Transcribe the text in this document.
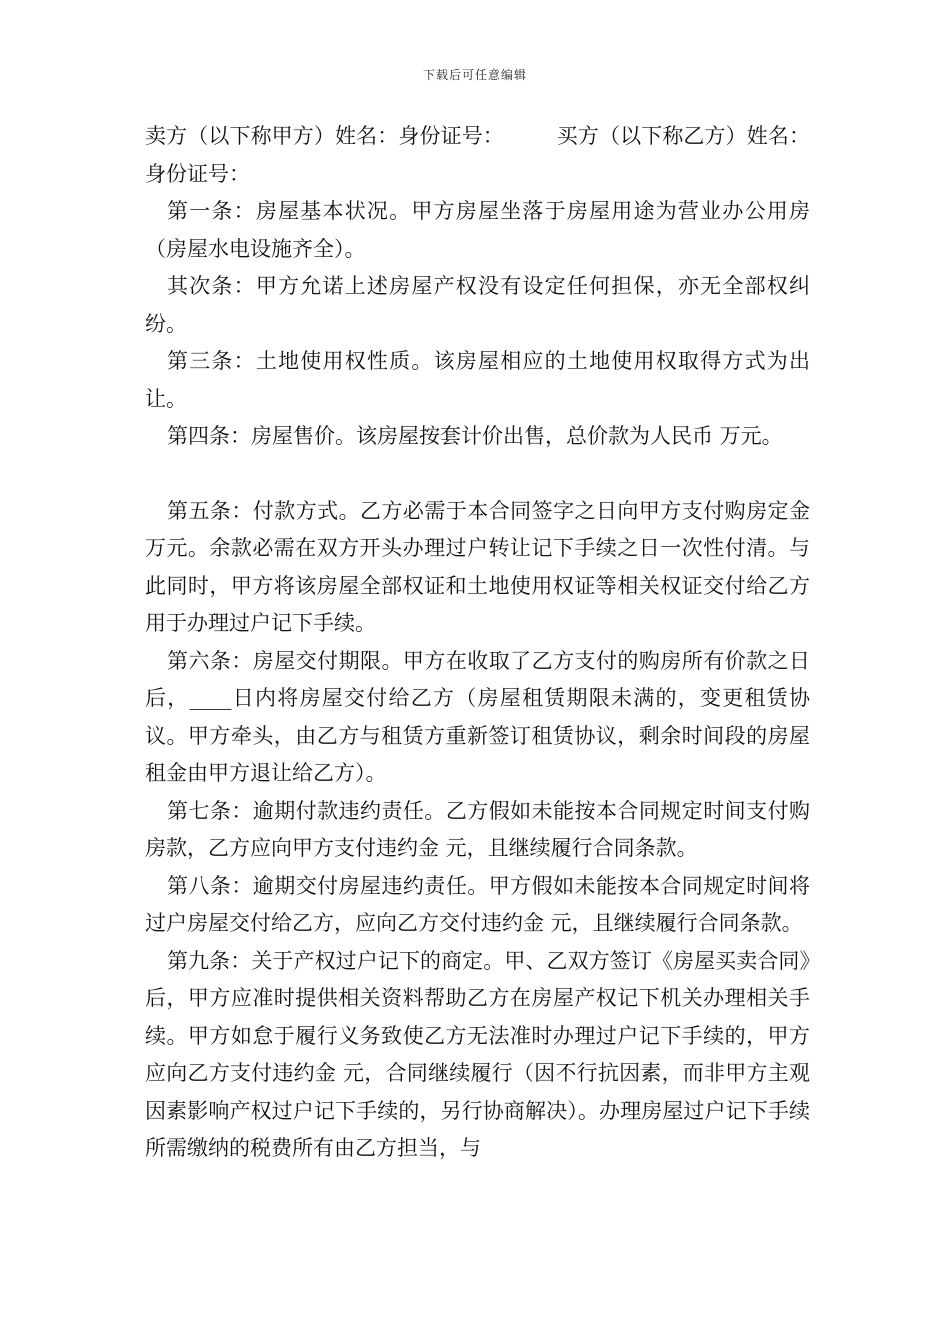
下载后可任意编辑

卖方（以下称甲方）姓名：身份证号：　　　买方（以下称乙方）姓名：身份证号：

第一条：房屋基本状况。甲方房屋坐落于房屋用途为营业办公用房（房屋水电设施齐全）。

其次条：甲方允诺上述房屋产权没有设定任何担保，亦无全部权纠纷。

第三条：土地使用权性质。该房屋相应的土地使用权取得方式为出让。

第四条：房屋售价。该房屋按套计价出售，总价款为人民币 万元。

第五条：付款方式。乙方必需于本合同签字之日向甲方支付购房定金 万元。余款必需在双方开头办理过户转让记下手续之日一次性付清。与此同时，甲方将该房屋全部权证和土地使用权证等相关权证交付给乙方用于办理过户记下手续。

第六条：房屋交付期限。甲方在收取了乙方支付的购房所有价款之日后，____日内将房屋交付给乙方（房屋租赁期限未满的，变更租赁协议。甲方牵头，由乙方与租赁方重新签订租赁协议，剩余时间段的房屋租金由甲方退让给乙方）。

第七条：逾期付款违约责任。乙方假如未能按本合同规定时间支付购房款，乙方应向甲方支付违约金 元，且继续履行合同条款。

第八条：逾期交付房屋违约责任。甲方假如未能按本合同规定时间将过户房屋交付给乙方，应向乙方交付违约金 元，且继续履行合同条款。

第九条：关于产权过户记下的商定。甲、乙双方签订《房屋买卖合同》后，甲方应准时提供相关资料帮助乙方在房屋产权记下机关办理相关手续。甲方如怠于履行义务致使乙方无法准时办理过户记下手续的，甲方应向乙方支付违约金 元，合同继续履行（因不行抗因素，而非甲方主观因素影响产权过户记下手续的，另行协商解决）。办理房屋过户记下手续所需缴纳的税费所有由乙方担当，与
